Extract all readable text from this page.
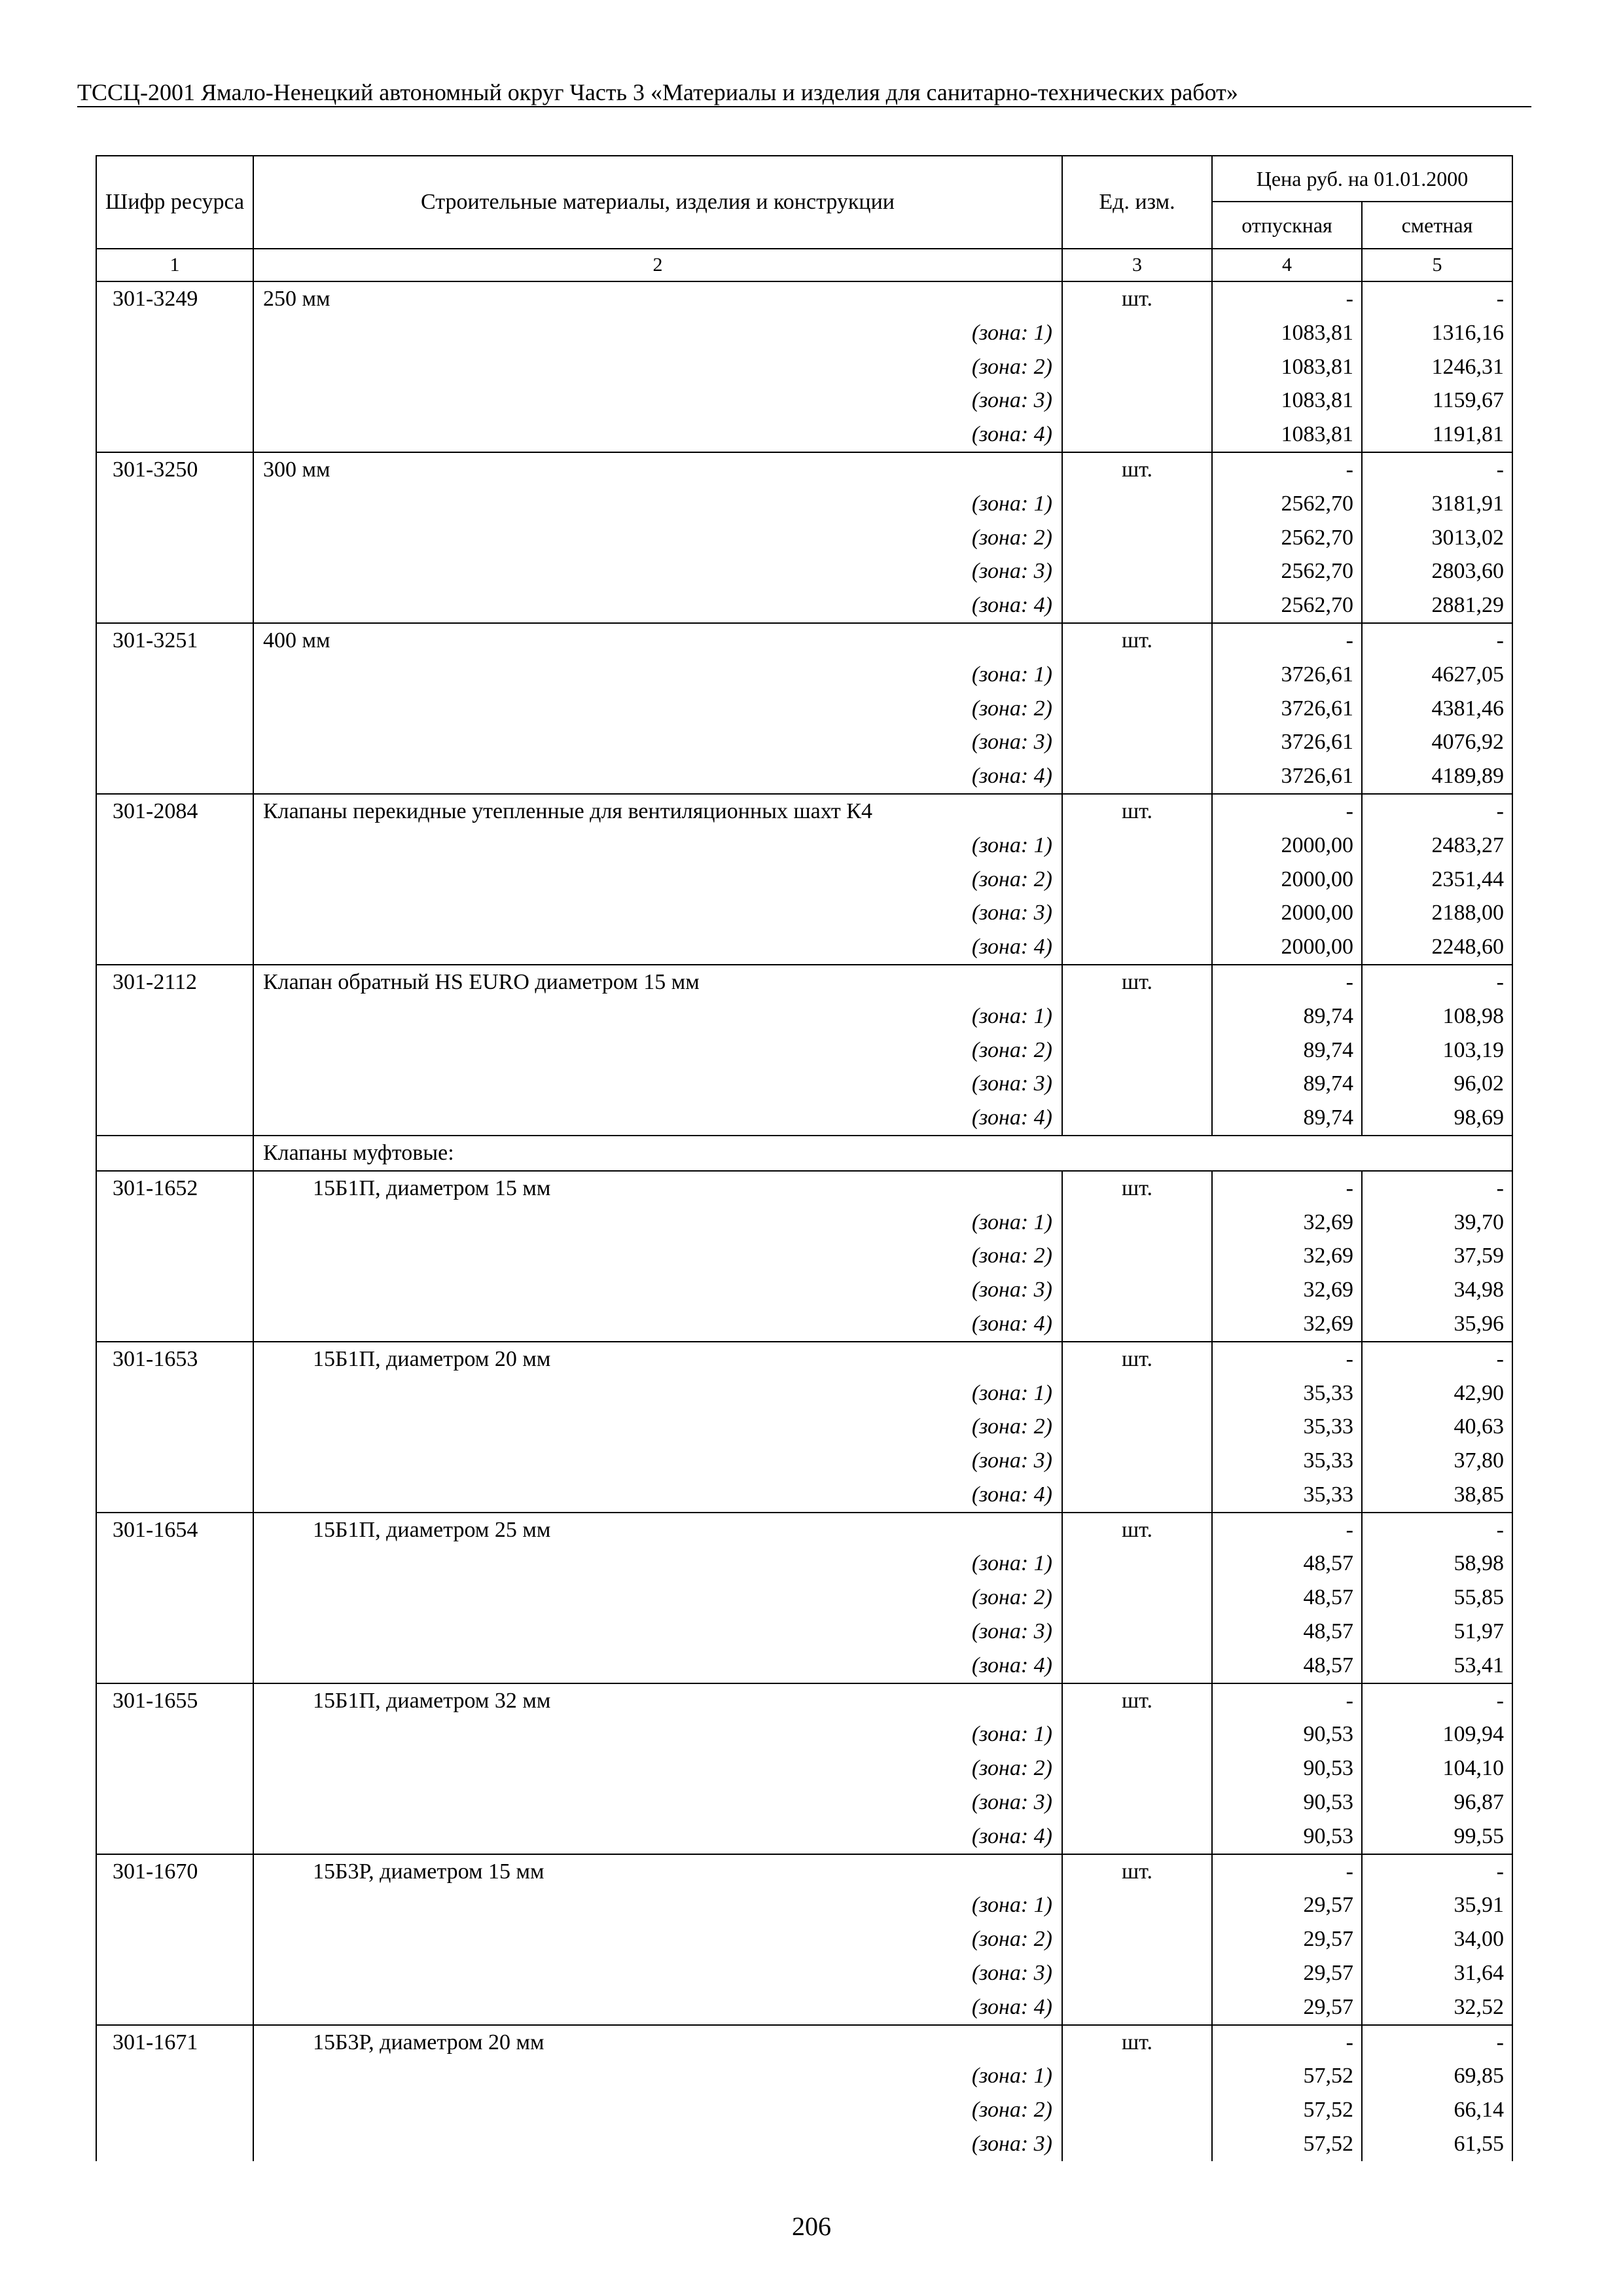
ТССЦ-2001 Ямало-Ненецкий автономный округ Часть 3 «Материалы и изделия для санитарно-технических работ»
Шифр ресурса	Строительные материалы, изделия и конструкции	Ед. изм.	Цена руб. на 01.01.2000	
			отпускная	сметная
1	2	3	4	5
301-3249	250 мм	шт.	-	-
	(зона: 1)		1083,81	1316,16
	(зона: 2)		1083,81	1246,31
	(зона: 3)		1083,81	1159,67
	(зона: 4)		1083,81	1191,81
301-3250	300 мм	шт.	-	-
	(зона: 1)		2562,70	3181,91
	(зона: 2)		2562,70	3013,02
	(зона: 3)		2562,70	2803,60
	(зона: 4)		2562,70	2881,29
301-3251	400 мм	шт.	-	-
	(зона: 1)		3726,61	4627,05
	(зона: 2)		3726,61	4381,46
	(зона: 3)		3726,61	4076,92
	(зона: 4)		3726,61	4189,89
301-2084	Клапаны перекидные утепленные для вентиляционных шахт К4	шт.	-	-
	(зона: 1)		2000,00	2483,27
	(зона: 2)		2000,00	2351,44
	(зона: 3)		2000,00	2188,00
	(зона: 4)		2000,00	2248,60
301-2112	Клапан обратный HS EURO диаметром 15 мм	шт.	-	-
	(зона: 1)		89,74	108,98
	(зона: 2)		89,74	103,19
	(зона: 3)		89,74	96,02
	(зона: 4)		89,74	98,69
	Клапаны муфтовые:			
301-1652	15Б1П, диаметром 15 мм	шт.	-	-
	(зона: 1)		32,69	39,70
	(зона: 2)		32,69	37,59
	(зона: 3)		32,69	34,98
	(зона: 4)		32,69	35,96
301-1653	15Б1П, диаметром 20 мм	шт.	-	-
	(зона: 1)		35,33	42,90
	(зона: 2)		35,33	40,63
	(зона: 3)		35,33	37,80
	(зона: 4)		35,33	38,85
301-1654	15Б1П, диаметром 25 мм	шт.	-	-
	(зона: 1)		48,57	58,98
	(зона: 2)		48,57	55,85
	(зона: 3)		48,57	51,97
	(зона: 4)		48,57	53,41
301-1655	15Б1П, диаметром 32 мм	шт.	-	-
	(зона: 1)		90,53	109,94
	(зона: 2)		90,53	104,10
	(зона: 3)		90,53	96,87
	(зона: 4)		90,53	99,55
301-1670	15Б3Р, диаметром 15 мм	шт.	-	-
	(зона: 1)		29,57	35,91
	(зона: 2)		29,57	34,00
	(зона: 3)		29,57	31,64
	(зона: 4)		29,57	32,52
301-1671	15Б3Р, диаметром 20 мм	шт.	-	-
	(зона: 1)		57,52	69,85
	(зона: 2)		57,52	66,14
	(зона: 3)		57,52	61,55
206
